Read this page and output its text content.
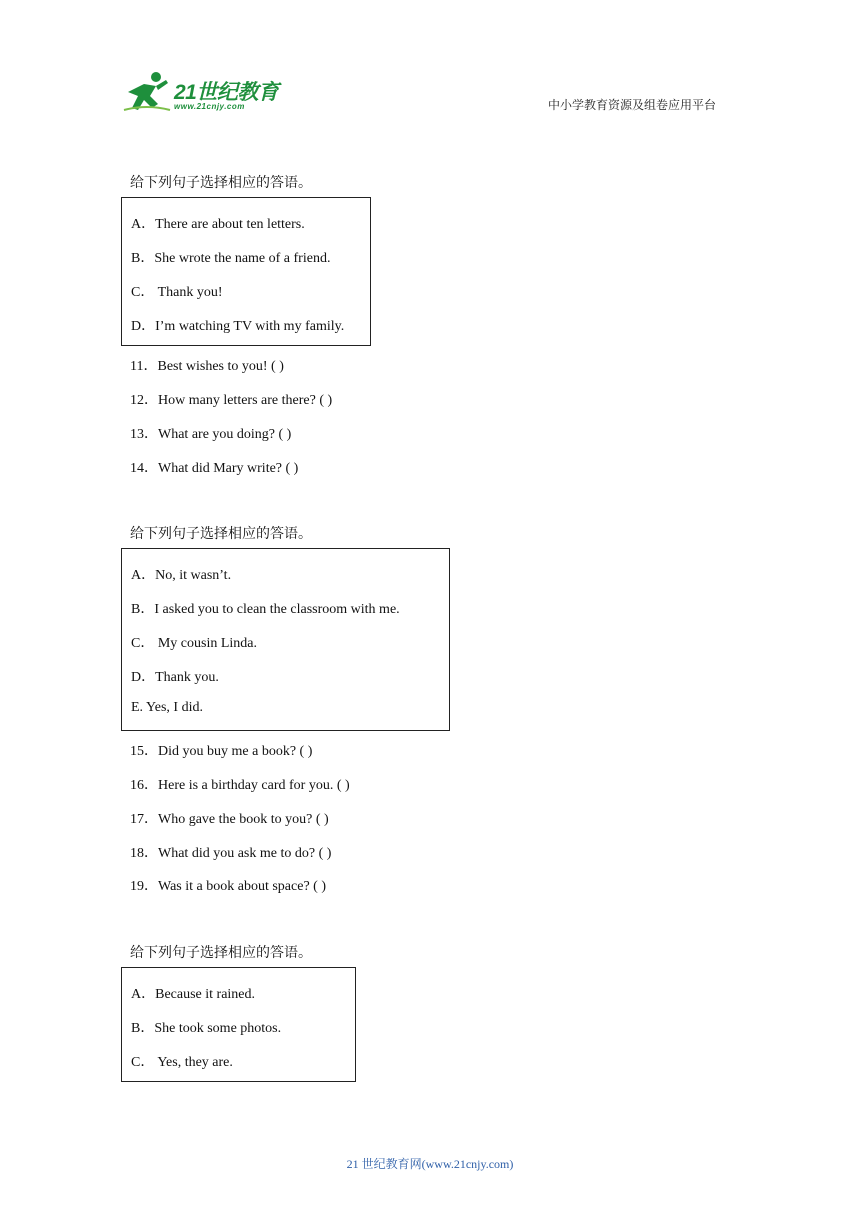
21世纪教育
www.21cnjy.com	中小学教育资源及组卷应用平台
给下列句子选择相应的答语。
A．There are about ten letters.
B．She wrote the name of a friend.
C． Thank you!
D．I’m watching TV with my family.
11．Best wishes to you! ( )
12．How many letters are there? ( )
13．What are you doing? ( )
14．What did Mary write? ( )
给下列句子选择相应的答语。
A．No, it wasn’t.
B．I asked you to clean the classroom with me.
C． My cousin Linda.
D．Thank you.
E. Yes, I did.
15．Did you buy me a book? ( )
16．Here is a birthday card for you. ( )
17．Who gave the book to you? ( )
18．What did you ask me to do? ( )
19．Was it a book about space? ( )
给下列句子选择相应的答语。
A．Because it rained.
B．She took some photos.
C． Yes, they are.
21 世纪教育网(www.21cnjy.com)
